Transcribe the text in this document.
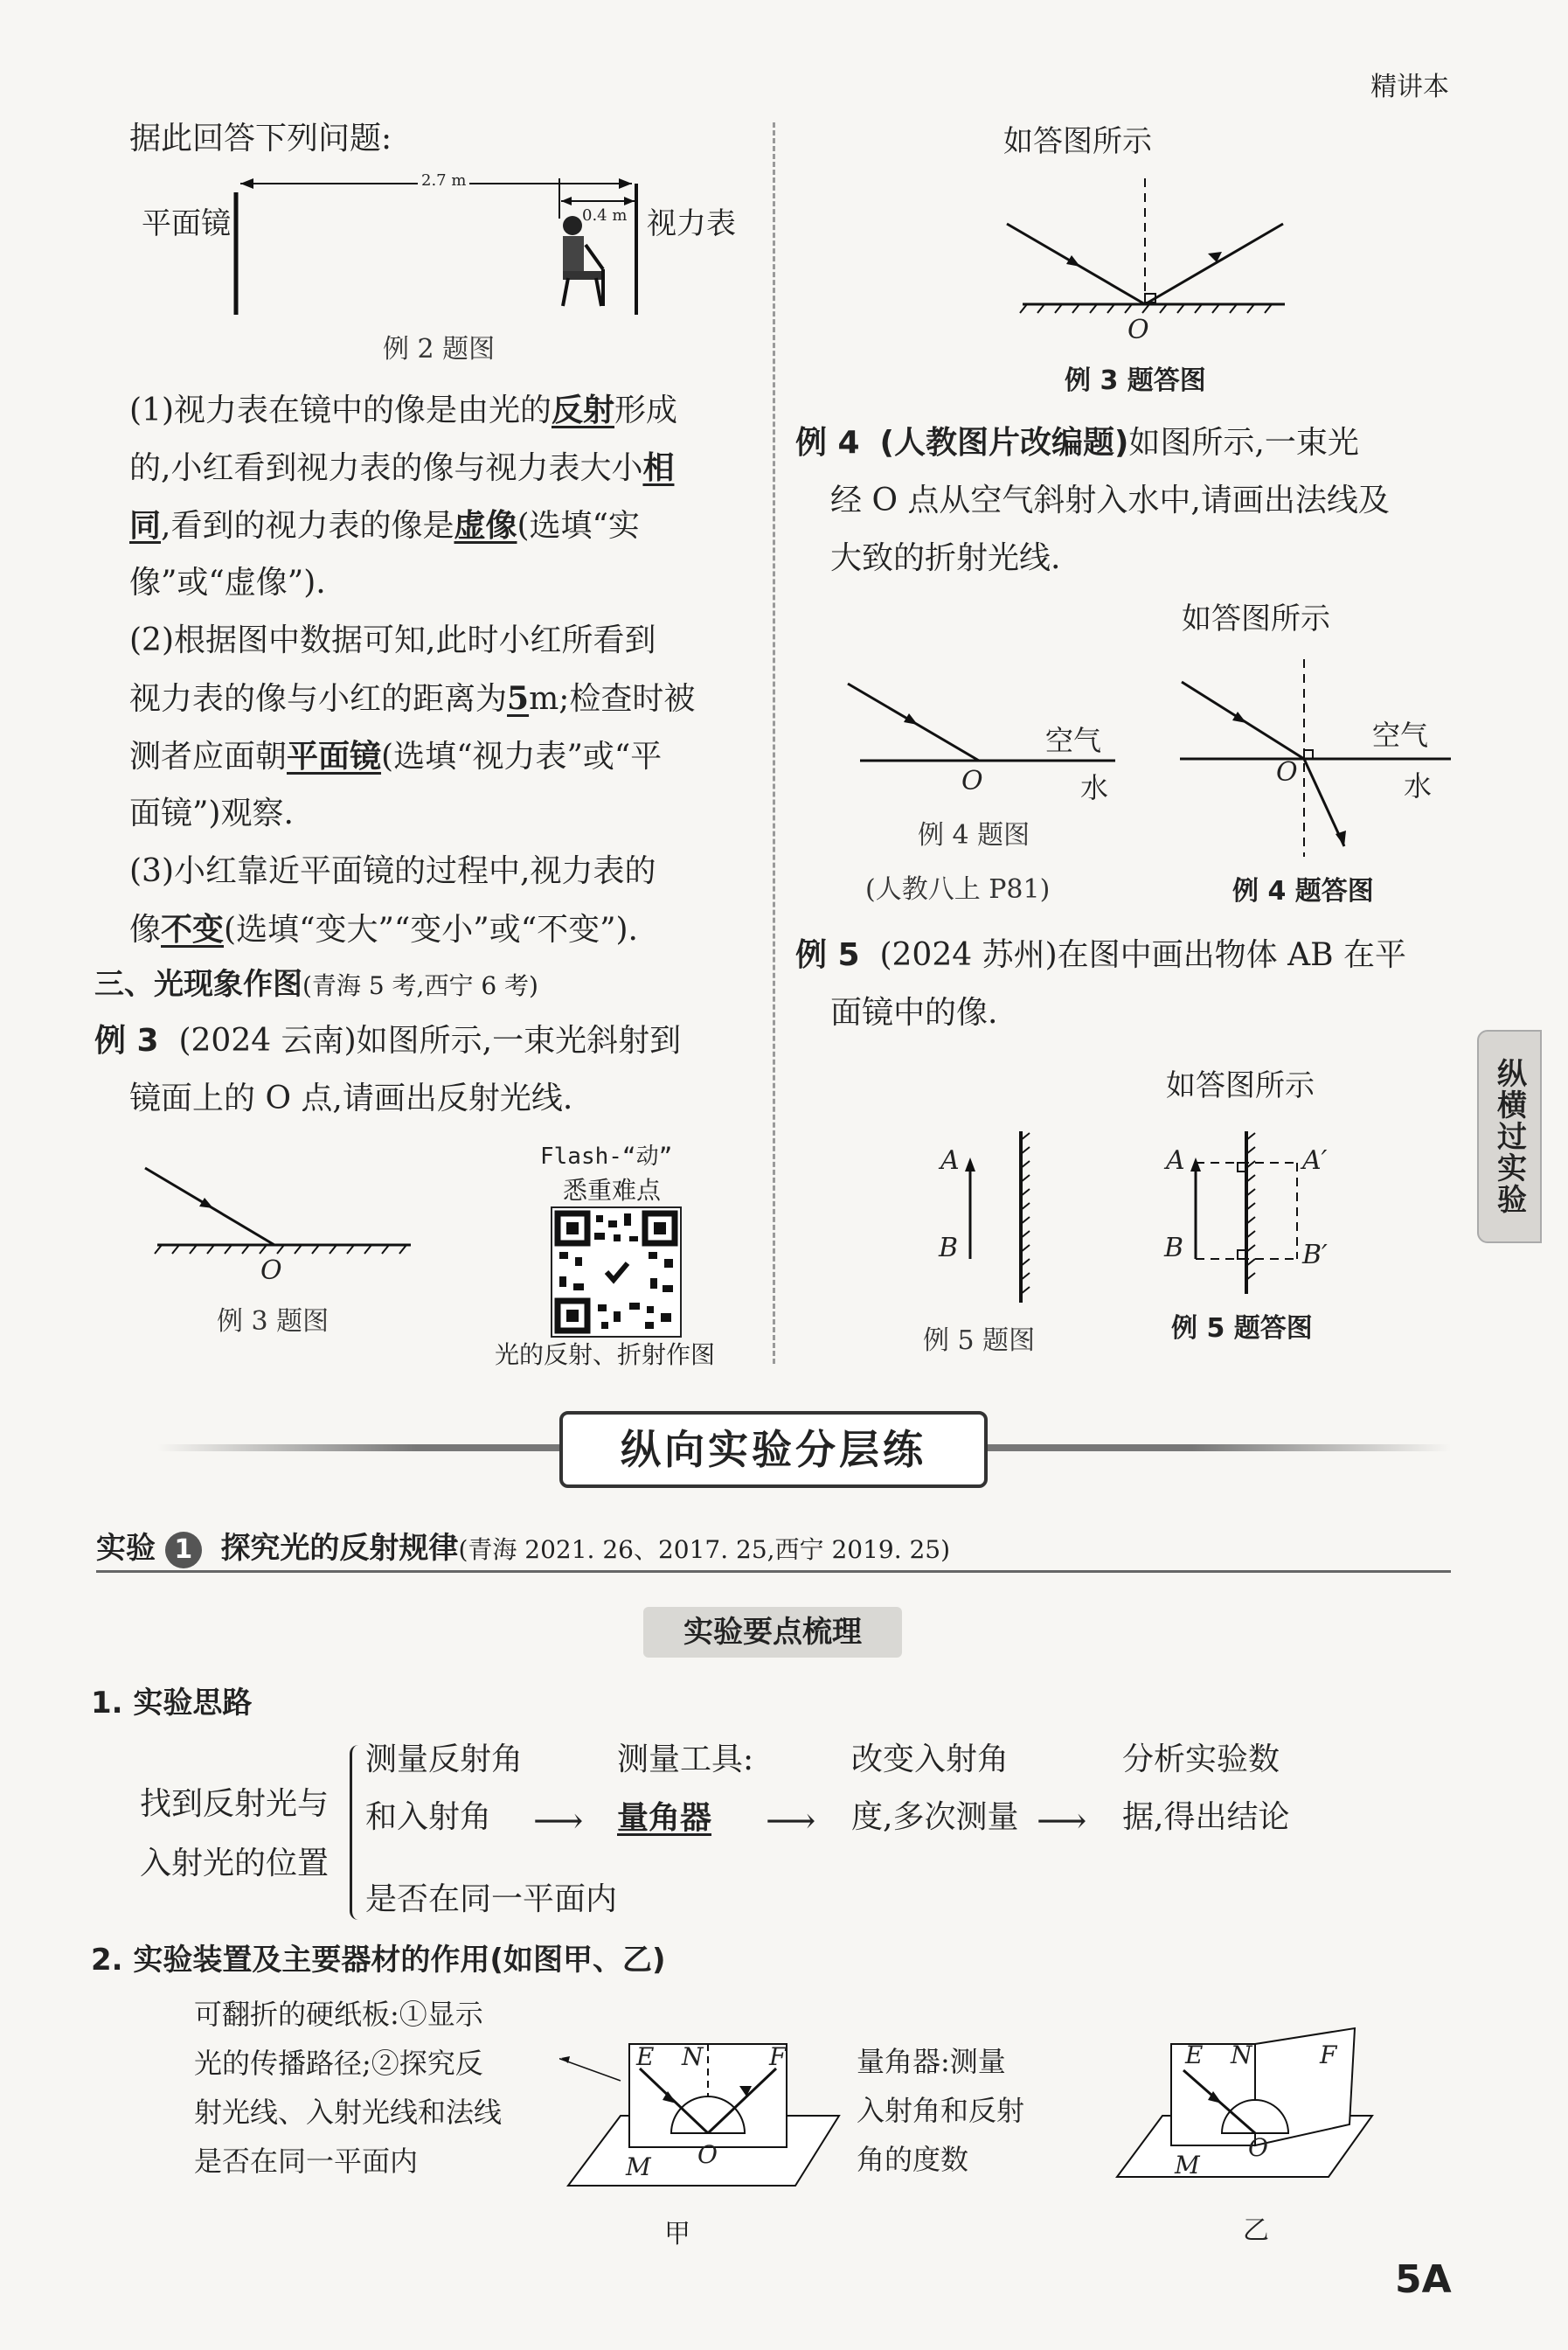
精讲本
5A
纵横过实验
据此回答下列问题:
平面镜	视力表
2.7 m
0.4 m
例 2 题图
(1)视力表在镜中的像是由光的反射形成
的,小红看到视力表的像与视力表大小相
同,看到的视力表的像是虚像(选填“实
像”或“虚像”).
(2)根据图中数据可知,此时小红所看到
视力表的像与小红的距离为5m;检查时被
测者应面朝平面镜(选填“视力表”或“平
面镜”)观察.
(3)小红靠近平面镜的过程中,视力表的
像不变(选填“变大”“变小”或“不变”).
三、光现象作图(青海 5 考,西宁 6 考)
例 3 (2024 云南)如图所示,一束光斜射到
镜面上的 O 点,请画出反射光线.
O
例 3 题图
Flash-“动”
悉重难点
光的反射、折射作图
如答图所示
O
例 3 题答图
例 4 (人教图片改编题)如图所示,一束光
经 O 点从空气斜射入水中,请画出法线及
大致的折射光线.
如答图所示
空气
水
O
例 4 题图
(人教八上 P81)
空气
水
O
例 4 题答图
例 5 (2024 苏州)在图中画出物体 AB 在平
面镜中的像.
如答图所示
A
B
例 5 题图
A
B
A′
B′
例 5 题答图
纵向实验分层练
实验 1 探究光的反射规律(青海 2021. 26、2017. 25,西宁 2019. 25)
实验要点梳理
1. 实验思路
找到反射光与
入射光的位置
测量反射角
和入射角
是否在同一平面内
⟶
测量工具:
量角器 ⟶
改变入射角
度,多次测量 ⟶
分析实验数
据,得出结论
2. 实验装置及主要器材的作用(如图甲、乙)
可翻折的硬纸板:①显示
光的传播路径;②探究反
射光线、入射光线和法线
是否在同一平面内
量角器:测量
入射角和反射
角的度数
E N	F
O
M
甲
E N	F
O
M
乙
